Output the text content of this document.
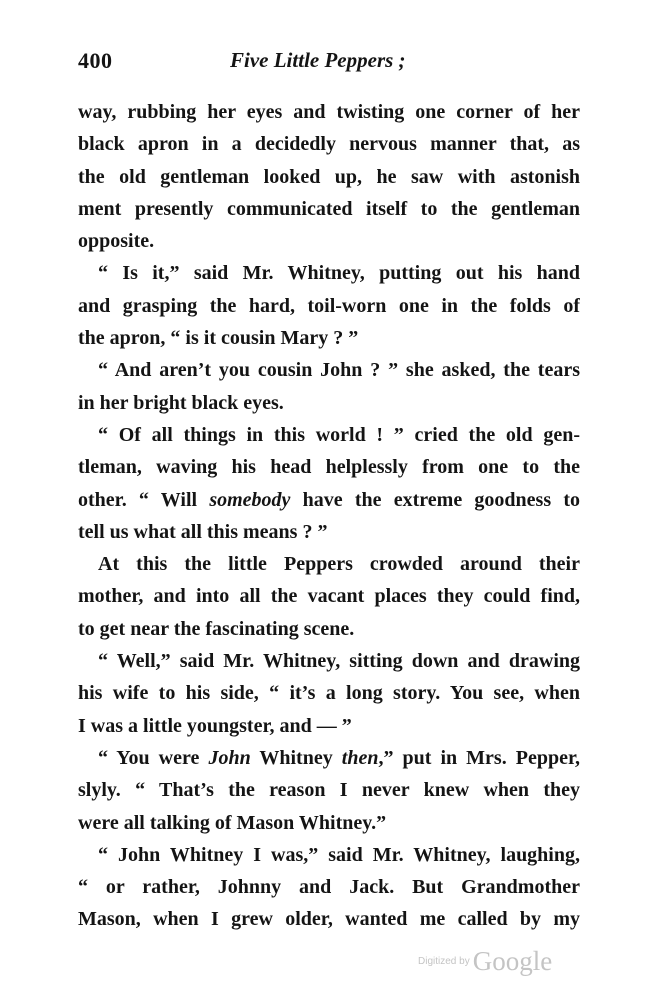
400	Five Little Peppers ;
way, rubbing her eyes and twisting one corner of her
black apron in a decidedly nervous manner that, as
the old gentleman looked up, he saw with astonish
ment presently communicated itself to the gentleman
opposite.
“ Is it,” said Mr. Whitney, putting out his hand
and grasping the hard, toil-worn one in the folds of
the apron, “ is it cousin Mary ? ”
“ And aren’t you cousin John ? ” she asked, the tears
in her bright black eyes.
“ Of all things in this world ! ” cried the old gen-
tleman, waving his head helplessly from one to the
other. “ Will somebody have the extreme goodness to
tell us what all this means ? ”
At this the little Peppers crowded around their
mother, and into all the vacant places they could find,
to get near the fascinating scene.
“ Well,” said Mr. Whitney, sitting down and drawing
his wife to his side, “ it’s a long story. You see, when
I was a little youngster, and — ”
“ You were John Whitney then,” put in Mrs. Pepper,
slyly. “ That’s the reason I never knew when they
were all talking of Mason Whitney.”
“ John Whitney I was,” said Mr. Whitney, laughing,
“ or rather, Johnny and Jack. But Grandmother
Mason, when I grew older, wanted me called by my
Digitized by Google
